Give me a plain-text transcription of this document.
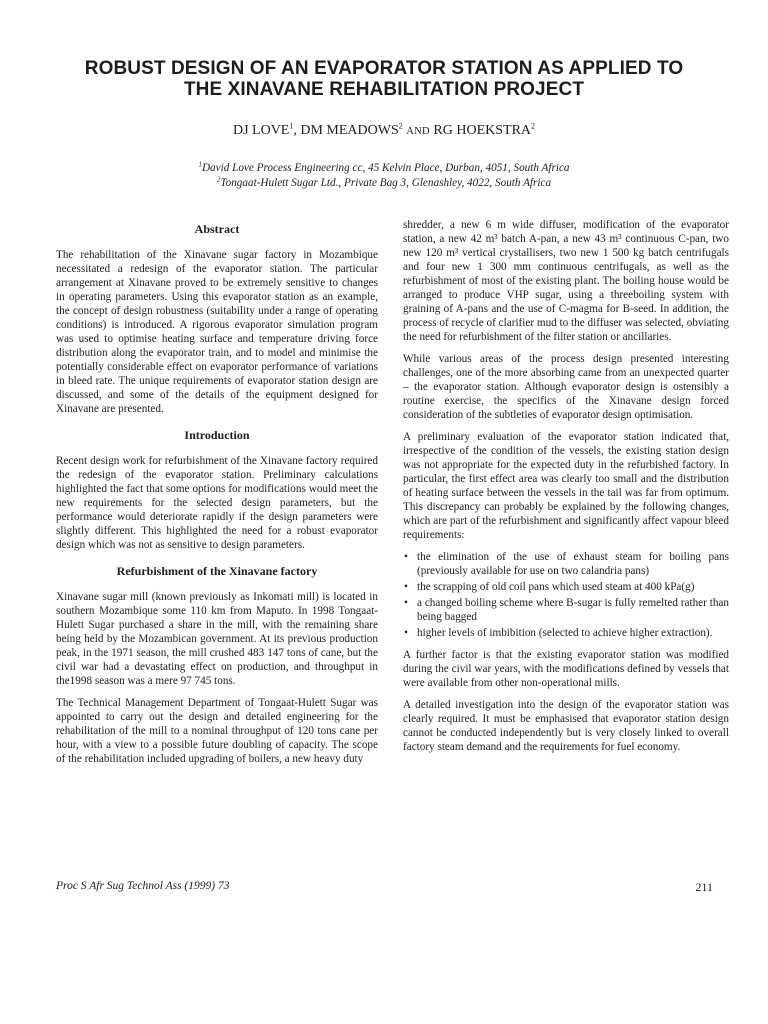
ROBUST DESIGN OF AN EVAPORATOR STATION AS APPLIED TO
THE XINAVANE REHABILITATION PROJECT
DJ LOVE$^1$, DM MEADOWS$^2$ AND RG HOEKSTRA$^2$
$^1$David Love Process Engineering cc, 45 Kelvin Place, Durban, 4051, South Africa
$^2$Tongaat-Hulett Sugar Ltd., Private Bag 3, Glenashley, 4022, South Africa
Abstract
The rehabilitation of the Xinavane sugar factory in Mozambique necessitated a redesign of the evaporator station. The particular arrangement at Xinavane proved to be extremely sensitive to changes in operating parameters. Using this evaporator station as an example, the concept of design robustness (suitability under a range of operating conditions) is introduced. A rigorous evaporator simulation program was used to optimise heating surface and temperature driving force distribution along the evaporator train, and to model and minimise the potentially considerable effect on evaporator performance of variations in bleed rate. The unique requirements of evaporator station design are discussed, and some of the details of the equipment designed for Xinavane are presented.
Introduction
Recent design work for refurbishment of the Xinavane factory required the redesign of the evaporator station. Preliminary calculations highlighted the fact that some options for modifications would meet the new requirements for the selected design parameters, but the performance would deteriorate rapidly if the design parameters were slightly different. This highlighted the need for a robust evaporator design which was not as sensitive to design parameters.
Refurbishment of the Xinavane factory
Xinavane sugar mill (known previously as Inkomati mill) is located in southern Mozambique some 110 km from Maputo. In 1998 Tongaat-Hulett Sugar purchased a share in the mill, with the remaining share being held by the Mozambican government. At its previous production peak, in the 1971 season, the mill crushed 483 147 tons of cane, but the civil war had a devastating effect on production, and throughput in the1998 season was a mere 97 745 tons.
The Technical Management Department of Tongaat-Hulett Sugar was appointed to carry out the design and detailed engineering for the rehabilitation of the mill to a nominal throughput of 120 tons cane per hour, with a view to a possible future doubling of capacity. The scope of the rehabilitation included upgrading of boilers, a new heavy duty
shredder, a new 6 m wide diffuser, modification of the evaporator station, a new 42 m³ batch A-pan, a new 43 m³ continuous C-pan, two new 120 m³ vertical crystallisers, two new 1 500 kg batch centrifugals and four new 1 300 mm continuous centrifugals, as well as the refurbishment of most of the existing plant. The boiling house would be arranged to produce VHP sugar, using a threeboiling system with graining of A-pans and the use of C-magma for B-seed. In addition, the process of recycle of clarifier mud to the diffuser was selected, obviating the need for refurbishment of the filter station or ancillaries.
While various areas of the process design presented interesting challenges, one of the more absorbing came from an unexpected quarter – the evaporator station. Although evaporator design is ostensibly a routine exercise, the specifics of the Xinavane design forced consideration of the subtleties of evaporator design optimisation.
A preliminary evaluation of the evaporator station indicated that, irrespective of the condition of the vessels, the existing station design was not appropriate for the expected duty in the refurbished factory. In particular, the first effect area was clearly too small and the distribution of heating surface between the vessels in the tail was far from optimum. This discrepancy can probably be explained by the following changes, which are part of the refurbishment and significantly affect vapour bleed requirements:
• the elimination of the use of exhaust steam for boiling pans (previously available for use on two calandria pans)
• the scrapping of old coil pans which used steam at 400 kPa(g)
• a changed boiling scheme where B-sugar is fully remelted rather than being bagged
• higher levels of imbibition (selected to achieve higher extraction).
A further factor is that the existing evaporator station was modified during the civil war years, with the modifications defined by vessels that were available from other non-operational mills.
A detailed investigation into the design of the evaporator station was clearly required. It must be emphasised that evaporator station design cannot be conducted independently but is very closely linked to overall factory steam demand and the requirements for fuel economy.
Proc S Afr Sug Technol Ass (1999) 73	211
